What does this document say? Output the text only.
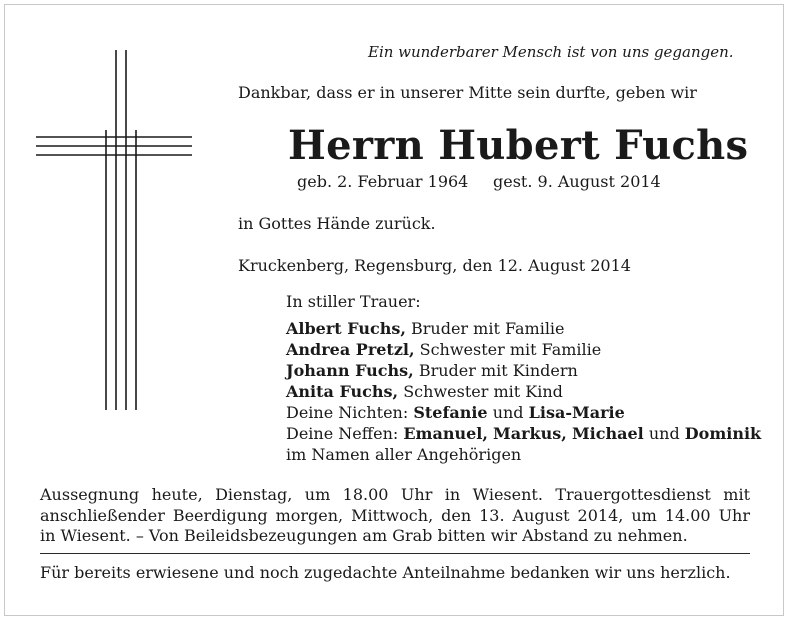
Ein wunderbarer Mensch ist von uns gegangen.
Dankbar, dass er in unserer Mitte sein durfte, geben wir
Herrn Hubert Fuchs
geb. 2. Februar 1964 gest. 9. August 2014
in Gottes Hände zurück.
Kruckenberg, Regensburg, den 12. August 2014
In stiller Trauer:
Albert Fuchs, Bruder mit Familie
Andrea Pretzl, Schwester mit Familie
Johann Fuchs, Bruder mit Kindern
Anita Fuchs, Schwester mit Kind
Deine Nichten: Stefanie und Lisa-Marie
Deine Neffen: Emanuel, Markus, Michael und Dominik
im Namen aller Angehörigen
Aussegnung heute, Dienstag, um 18.00 Uhr in Wiesent. Trauergottesdienst mit
anschließender Beerdigung morgen, Mittwoch, den 13. August 2014, um 14.00 Uhr
in Wiesent. – Von Beileidsbezeugungen am Grab bitten wir Abstand zu nehmen.
Für bereits erwiesene und noch zugedachte Anteilnahme bedanken wir uns herzlich.
